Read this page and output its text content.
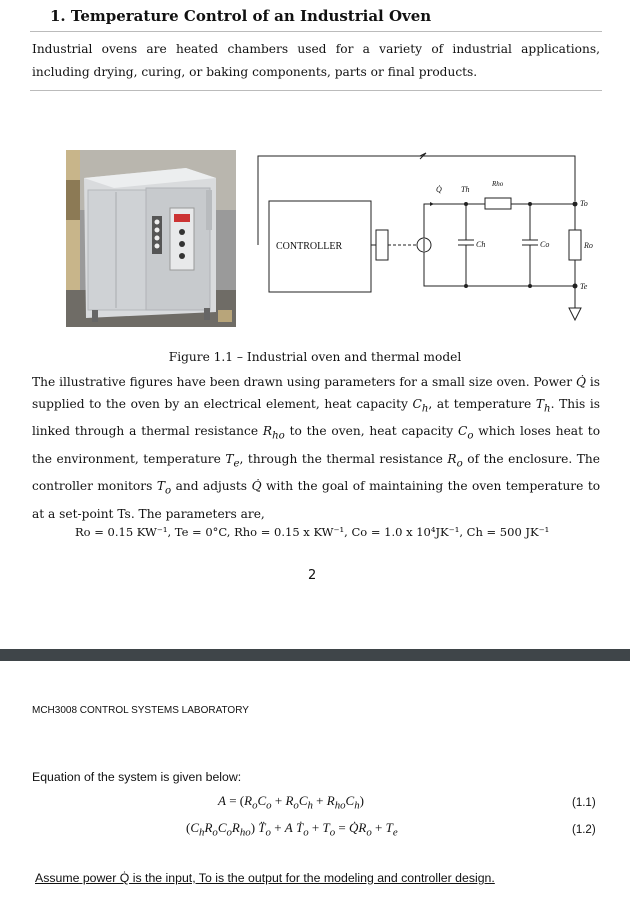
1. Temperature Control of an Industrial Oven
Industrial ovens are heated chambers used for a variety of industrial applications, including drying, curing, or baking components, parts or final products.
CONTROLLER
Q̇ Th
Rho
To
Ch	Co	Ro
Te
Figure 1.1 – Industrial oven and thermal model
The illustrative figures have been drawn using parameters for a small size oven. Power Q̇ is supplied to the oven by an electrical element, heat capacity $C_h$, at temperature $T_h$. This is linked through a thermal resistance $R_{ho}$ to the oven, heat capacity $C_o$ which loses heat to the environment, temperature $T_e$, through the thermal resistance $R_o$ of the enclosure. The controller monitors $T_o$ and adjusts Q̇ with the goal of maintaining the oven temperature to at a set-point Ts. The parameters are,
Ro = 0.15 KW⁻¹, Te = 0°C, Rho = 0.15 x KW⁻¹, Co = 1.0 x 10⁴JK⁻¹, Ch = 500 JK⁻¹
2
MCH3008 CONTROL SYSTEMS LABORATORY
Equation of the system is given below:
$A = (R_oC_o + R_oC_h + R_{ho}C_h)$	(1.1)
$(C_hR_oC_oR_{ho})$ $T̈_o + A$ Ṫ$_o$ + $T_o$ = $Q̇R_o + T_e$	(1.2)
Assume power Q̇ is the input, To is the output for the modeling and controller design.
